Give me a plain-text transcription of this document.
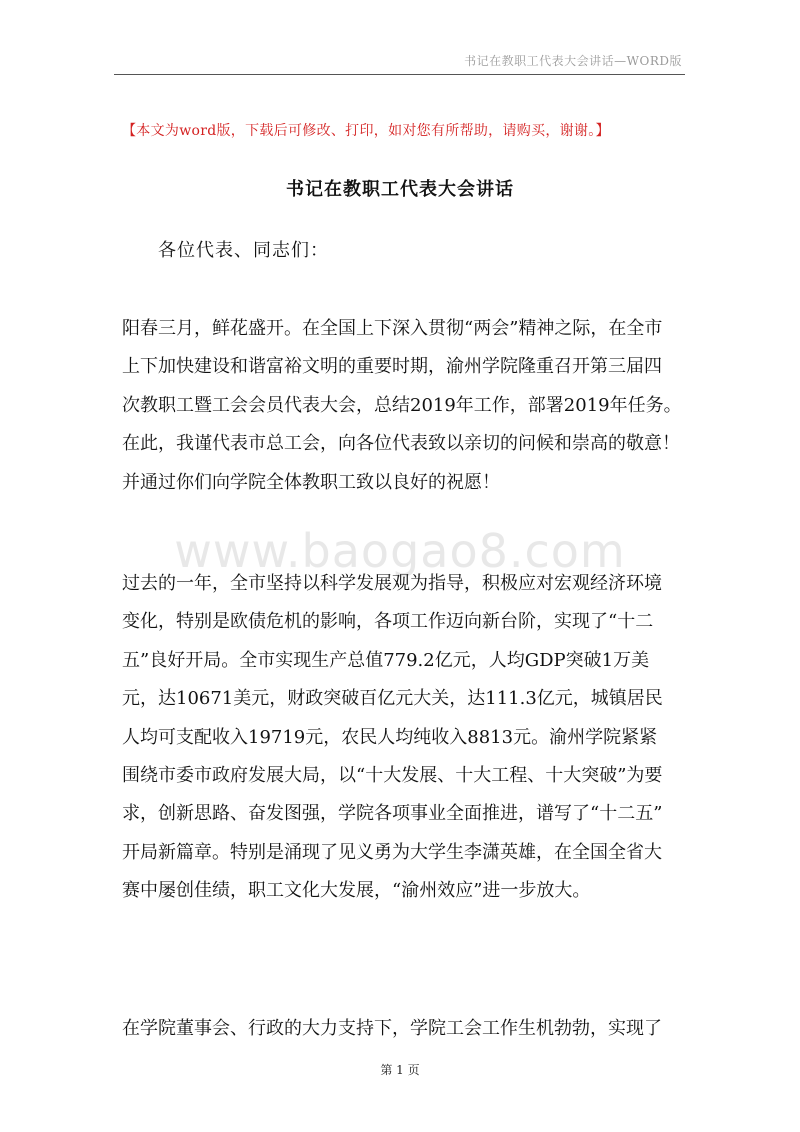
书记在教职工代表大会讲话—WORD版
【本文为word版，下载后可修改、打印，如对您有所帮助，请购买，谢谢。】
书记在教职工代表大会讲话
各位代表、同志们：
www.baogao8.com
阳春三月，鲜花盛开。在全国上下深入贯彻“两会”精神之际，在全市
上下加快建设和谐富裕文明的重要时期，渝州学院隆重召开第三届四
次教职工暨工会会员代表大会，总结2019年工作，部署2019年任务。
在此，我谨代表市总工会，向各位代表致以亲切的问候和崇高的敬意！
并通过你们向学院全体教职工致以良好的祝愿！
过去的一年，全市坚持以科学发展观为指导，积极应对宏观经济环境
变化，特别是欧债危机的影响，各项工作迈向新台阶，实现了“十二
五”良好开局。全市实现生产总值779.2亿元，人均GDP突破1万美
元，达10671美元，财政突破百亿元大关，达111.3亿元，城镇居民
人均可支配收入19719元，农民人均纯收入8813元。渝州学院紧紧
围绕市委市政府发展大局，以“十大发展、十大工程、十大突破”为要
求，创新思路、奋发图强，学院各项事业全面推进，谱写了“十二五”
开局新篇章。特别是涌现了见义勇为大学生李潇英雄，在全国全省大
赛中屡创佳绩，职工文化大发展，“渝州效应”进一步放大。
在学院董事会、行政的大力支持下，学院工会工作生机勃勃，实现了
第 1 页
